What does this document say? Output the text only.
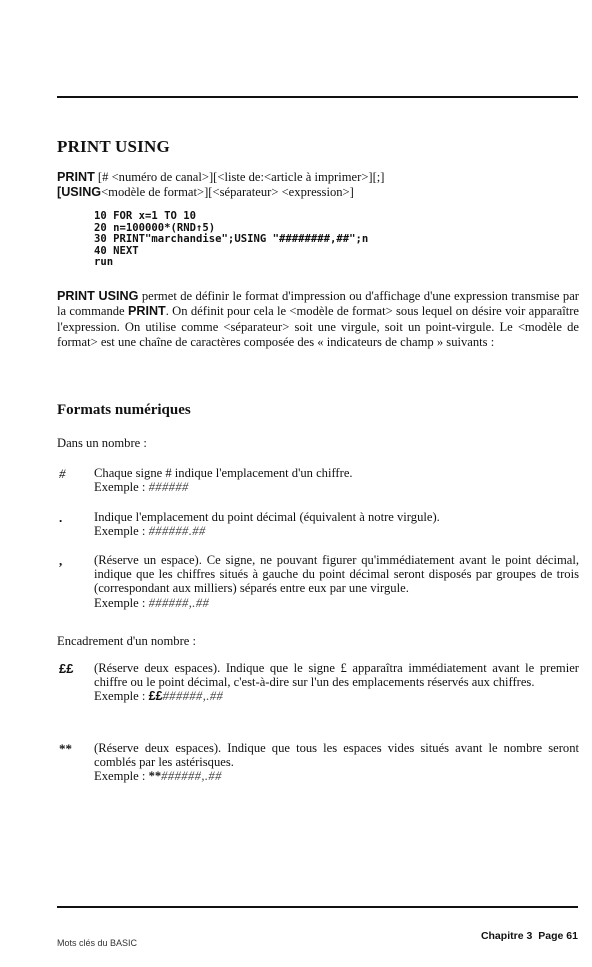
PRINT USING
PRINT [# <numéro de canal>][<liste de:<article à imprimer>][;]
[USING<modèle de format>][<séparateur> <expression>]
10 FOR x=1 TO 10
20 n=100000*(RND↑5)
30 PRINT"marchandise";USING "########,##";n
40 NEXT
run

PRINT USING permet de définir le format d'impression ou d'affichage d'une expression transmise par la commande PRINT. On définit pour cela le <modèle de format> sous lequel on désire voir apparaître l'expression. On utilise comme <séparateur> soit une virgule, soit un point-virgule. Le <modèle de format> est une chaîne de caractères composée des « indicateurs de champ » suivants :

Formats numériques

Dans un nombre :

# Chaque signe # indique l'emplacement d'un chiffre.
Exemple : ######
.	Indique l'emplacement du point décimal (équivalent à notre virgule).
Exemple : ######.##
,	(Réserve un espace). Ce signe, ne pouvant figurer qu'immédiatement avant le point décimal, indique que les chiffres situés à gauche du point décimal seront disposés par groupes de trois (correspondant aux milliers) séparés entre eux par une virgule.
Exemple : ######,.##

Encadrement d'un nombre :

££ (Réserve deux espaces). Indique que le signe £ apparaîtra immédiatement avant le premier chiffre ou le point décimal, c'est-à-dire sur l'un des emplacements réservés aux chiffres.
Exemple : ££######,.##
** (Réserve deux espaces). Indique que tous les espaces vides situés avant le nombre seront comblés par les astérisques.
Exemple : **######,.##
Mots clés du BASIC
Chapitre 3 Page 61
